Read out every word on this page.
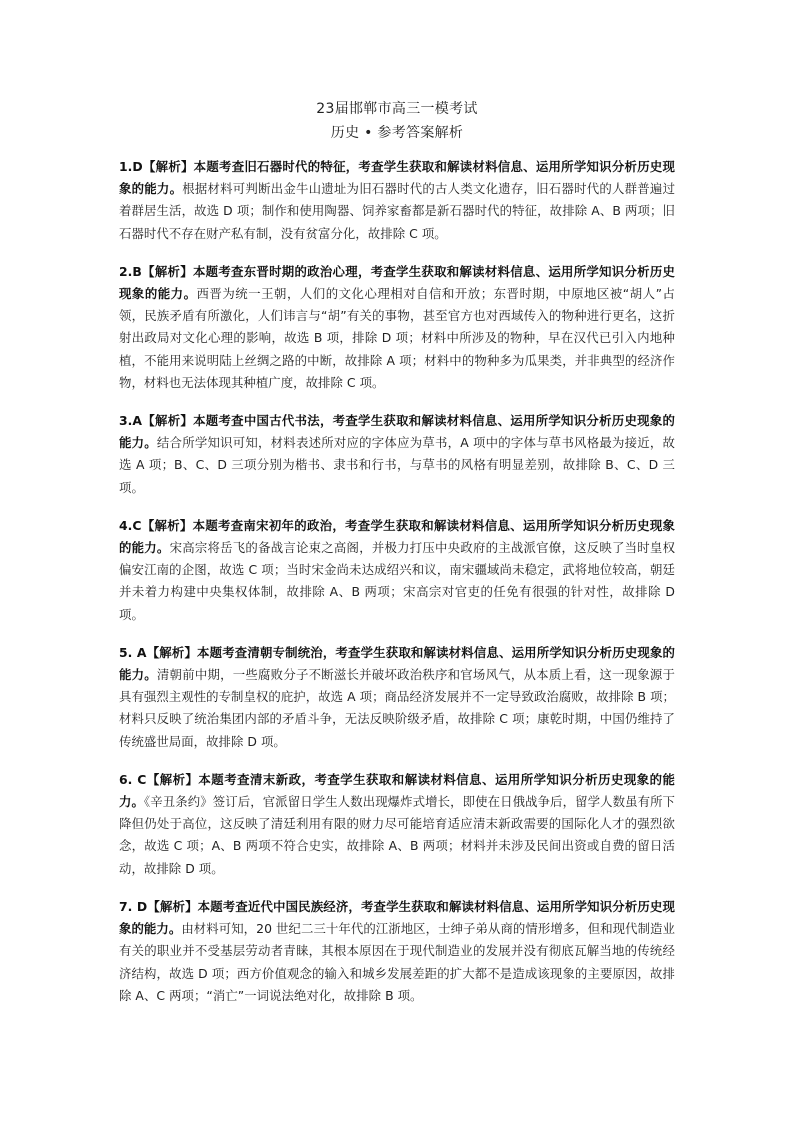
23届邯郸市高三一模考试
历史 • 参考答案解析

1.D【解析】本题考查旧石器时代的特征，考查学生获取和解读材料信息、运用所学知识分析历史现象的能力。根据材料可判断出金牛山遗址为旧石器时代的古人类文化遗存，旧石器时代的人群普遍过着群居生活，故选 D 项；制作和使用陶器、饲养家畜都是新石器时代的特征，故排除 A、B 两项；旧石器时代不存在财产私有制，没有贫富分化，故排除 C 项。

2.B【解析】本题考查东晋时期的政治心理，考查学生获取和解读材料信息、运用所学知识分析历史现象的能力。西晋为统一王朝，人们的文化心理相对自信和开放；东晋时期，中原地区被“胡人”占领，民族矛盾有所激化，人们讳言与“胡”有关的事物，甚至官方也对西域传入的物种进行更名，这折射出政局对文化心理的影响，故选 B 项，排除 D 项；材料中所涉及的物种，早在汉代已引入内地种植，不能用来说明陆上丝绸之路的中断，故排除 A 项；材料中的物种多为瓜果类，并非典型的经济作物，材料也无法体现其种植广度，故排除 C 项。

3.A【解析】本题考查中国古代书法，考查学生获取和解读材料信息、运用所学知识分析历史现象的能力。结合所学知识可知，材料表述所对应的字体应为草书，A 项中的字体与草书风格最为接近，故选 A 项；B、C、D 三项分别为楷书、隶书和行书，与草书的风格有明显差别，故排除 B、C、D 三项。

4.C【解析】本题考查南宋初年的政治，考查学生获取和解读材料信息、运用所学知识分析历史现象的能力。宋高宗将岳飞的备战言论束之高阁，并极力打压中央政府的主战派官僚，这反映了当时皇权偏安江南的企图，故选 C 项；当时宋金尚未达成绍兴和议，南宋疆域尚未稳定，武将地位较高，朝廷并未着力构建中央集权体制，故排除 A、B 两项；宋高宗对官吏的任免有很强的针对性，故排除 D 项。

5. A【解析】本题考查清朝专制统治，考查学生获取和解读材料信息、运用所学知识分析历史现象的能力。清朝前中期，一些腐败分子不断滋长并破坏政治秩序和官场风气，从本质上看，这一现象源于具有强烈主观性的专制皇权的庇护，故选 A 项；商品经济发展并不一定导致政治腐败，故排除 B 项；材料只反映了统治集团内部的矛盾斗争，无法反映阶级矛盾，故排除 C 项；康乾时期，中国仍维持了传统盛世局面，故排除 D 项。

6. C【解析】本题考查清末新政，考查学生获取和解读材料信息、运用所学知识分析历史现象的能力。《辛丑条约》签订后，官派留日学生人数出现爆炸式增长，即使在日俄战争后，留学人数虽有所下降但仍处于高位，这反映了清廷利用有限的财力尽可能培育适应清末新政需要的国际化人才的强烈欲念，故选 C 项；A、B 两项不符合史实，故排除 A、B 两项；材料并未涉及民间出资或自费的留日活动，故排除 D 项。

7. D【解析】本题考查近代中国民族经济，考查学生获取和解读材料信息、运用所学知识分析历史现象的能力。由材料可知，20 世纪二三十年代的江浙地区，士绅子弟从商的情形增多，但和现代制造业有关的职业并不受基层劳动者青睐，其根本原因在于现代制造业的发展并没有彻底瓦解当地的传统经济结构，故选 D 项；西方价值观念的输入和城乡发展差距的扩大都不是造成该现象的主要原因，故排除 A、C 两项；“消亡”一词说法绝对化，故排除 B 项。
